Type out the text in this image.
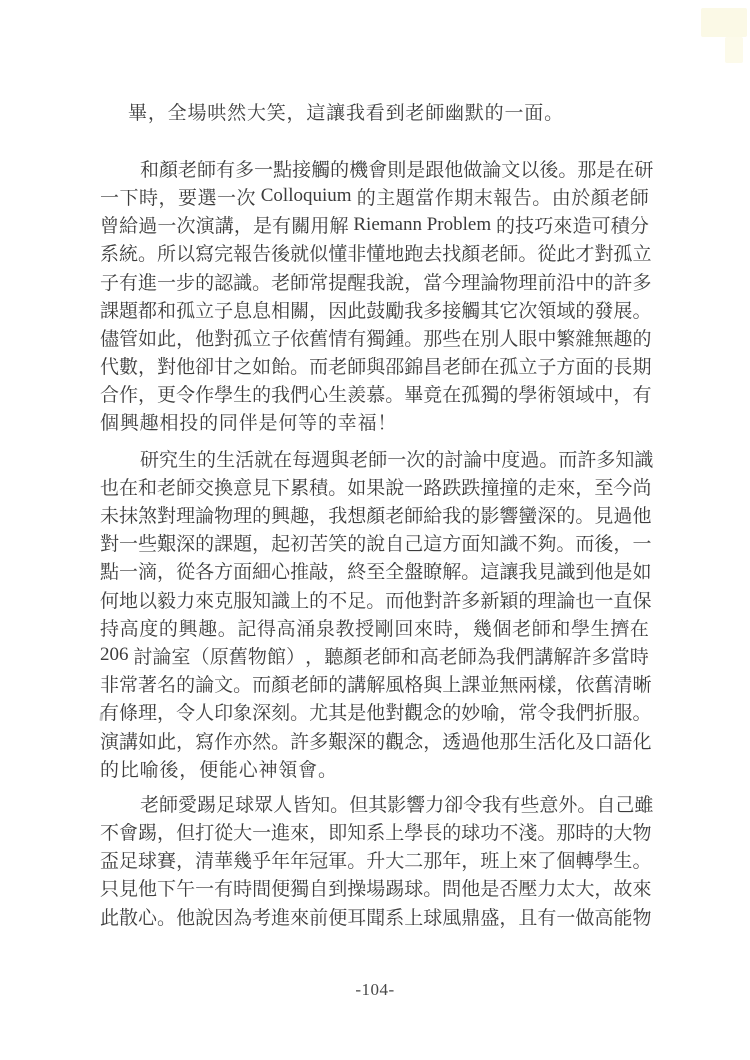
畢 ， 全 場 哄 然 大 笑 ， 這 讓 我 看 到 老 師 幽 默 的 一 面 。
和 顏 老 師 有 多 一 點 接 觸 的 機 會 則 是 跟 他 做 論 文 以 後 。 那 是 在 研
一 下 時 ， 要 選 一 次 Colloquium 的 主 題 當 作 期 末 報 告 。 由 於 顏 老 師
曾 給 過 一 次 演 講 ， 是 有 關 用 解 Riemann Problem 的 技 巧 來 造 可 積 分
系 統 。 所 以 寫 完 報 告 後 就 似 懂 非 懂 地 跑 去 找 顏 老 師 。 從 此 才 對 孤 立
子 有 進 一 步 的 認 識 。 老 師 常 提 醒 我 說 ， 當 今 理 論 物 理 前 沿 中 的 許 多
課 題 都 和 孤 立 子 息 息 相 關 ， 因 此 鼓 勵 我 多 接 觸 其 它 次 領 域 的 發 展 。
儘 管 如 此 ， 他 對 孤 立 子 依 舊 情 有 獨 鍾 。 那 些 在 別 人 眼 中 繁 雜 無 趣 的
代 數 ， 對 他 卻 甘 之 如 飴 。 而 老 師 與 邵 錦 昌 老 師 在 孤 立 子 方 面 的 長 期
合 作 ， 更 令 作 學 生 的 我 們 心 生 羨 慕 。 畢 竟 在 孤 獨 的 學 術 領 域 中 ， 有
個 興 趣 相 投 的 同 伴 是 何 等 的 幸 福 ！
研 究 生 的 生 活 就 在 每 週 與 老 師 一 次 的 討 論 中 度 過 。 而 許 多 知 識
也 在 和 老 師 交 換 意 見 下 累 積 。 如 果 說 一 路 跌 跌 撞 撞 的 走 來 ， 至 今 尚
未 抹 煞 對 理 論 物 理 的 興 趣 ， 我 想 顏 老 師 給 我 的 影 響 蠻 深 的 。 見 過 他
對 一 些 艱 深 的 課 題 ， 起 初 苦 笑 的 說 自 己 這 方 面 知 識 不 夠 。 而 後 ， 一
點 一 滴 ， 從 各 方 面 細 心 推 敲 ， 終 至 全 盤 瞭 解 。 這 讓 我 見 識 到 他 是 如
何 地 以 毅 力 來 克 服 知 識 上 的 不 足 。 而 他 對 許 多 新 穎 的 理 論 也 一 直 保
持 高 度 的 興 趣 。 記 得 高 涌 泉 教 授 剛 回 來 時 ， 幾 個 老 師 和 學 生 擠 在
206 討 論 室 （ 原 舊 物 館 ） ， 聽 顏 老 師 和 高 老 師 為 我 們 講 解 許 多 當 時
非 常 著 名 的 論 文 。 而 顏 老 師 的 講 解 風 格 與 上 課 並 無 兩 樣 ， 依 舊 清 晰
有 條 理 ， 令 人 印 象 深 刻 。 尤 其 是 他 對 觀 念 的 妙 喻 ， 常 令 我 們 折 服 。
演 講 如 此 ， 寫 作 亦 然 。 許 多 艱 深 的 觀 念 ， 透 過 他 那 生 活 化 及 口 語 化
的 比 喻 後 ， 便 能 心 神 領 會 。
老 師 愛 踢 足 球 眾 人 皆 知 。 但 其 影 響 力 卻 令 我 有 些 意 外 。 自 己 雖
不 會 踢 ， 但 打 從 大 一 進 來 ， 即 知 系 上 學 長 的 球 功 不 淺 。 那 時 的 大 物
盃 足 球 賽 ， 清 華 幾 乎 年 年 冠 軍 。 升 大 二 那 年 ， 班 上 來 了 個 轉 學 生 。
只 見 他 下 午 一 有 時 間 便 獨 自 到 操 場 踢 球 。 問 他 是 否 壓 力 太 大 ， 故 來
此 散 心 。 他 說 因 為 考 進 來 前 便 耳 聞 系 上 球 風 鼎 盛 ， 且 有 一 做 高 能 物
-104-
